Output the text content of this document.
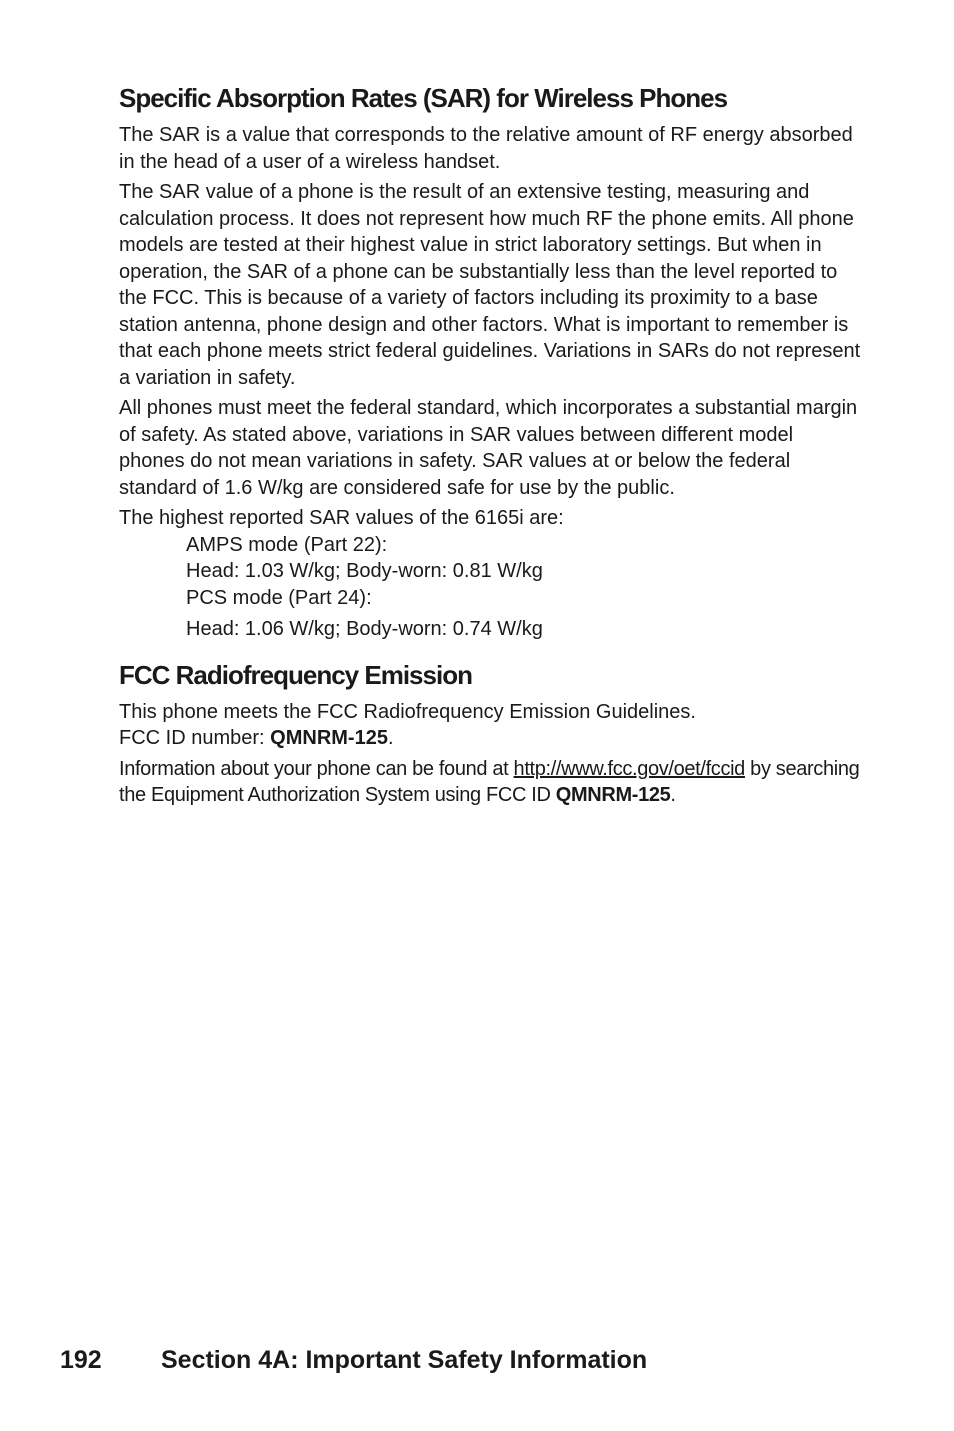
Specific Absorption Rates (SAR) for Wireless Phones

The SAR is a value that corresponds to the relative amount of RF energy absorbed in the head of a user of a wireless handset.

The SAR value of a phone is the result of an extensive testing, measuring and calculation process. It does not represent how much RF the phone emits. All phone models are tested at their highest value in strict laboratory settings. But when in operation, the SAR of a phone can be substantially less than the level reported to the FCC. This is because of a variety of factors including its proximity to a base station antenna, phone design and other factors. What is important to remember is that each phone meets strict federal guidelines. Variations in SARs do not represent a variation in safety.

All phones must meet the federal standard, which incorporates a substantial margin of safety. As stated above, variations in SAR values between different model phones do not mean variations in safety. SAR values at or below the federal standard of 1.6 W/kg are considered safe for use by the public.

The highest reported SAR values of the 6165i are:

AMPS mode (Part 22):
Head: 1.03 W/kg; Body-worn: 0.81 W/kg
PCS mode (Part 24):
Head: 1.06 W/kg; Body-worn: 0.74 W/kg
FCC Radiofrequency Emission

This phone meets the FCC Radiofrequency Emission Guidelines.

FCC ID number: QMNRM-125.

Information about your phone can be found at http://www.fcc.gov/oet/fccid by searching the Equipment Authorization System using FCC ID QMNRM-125.

192 Section 4A: Important Safety Information
